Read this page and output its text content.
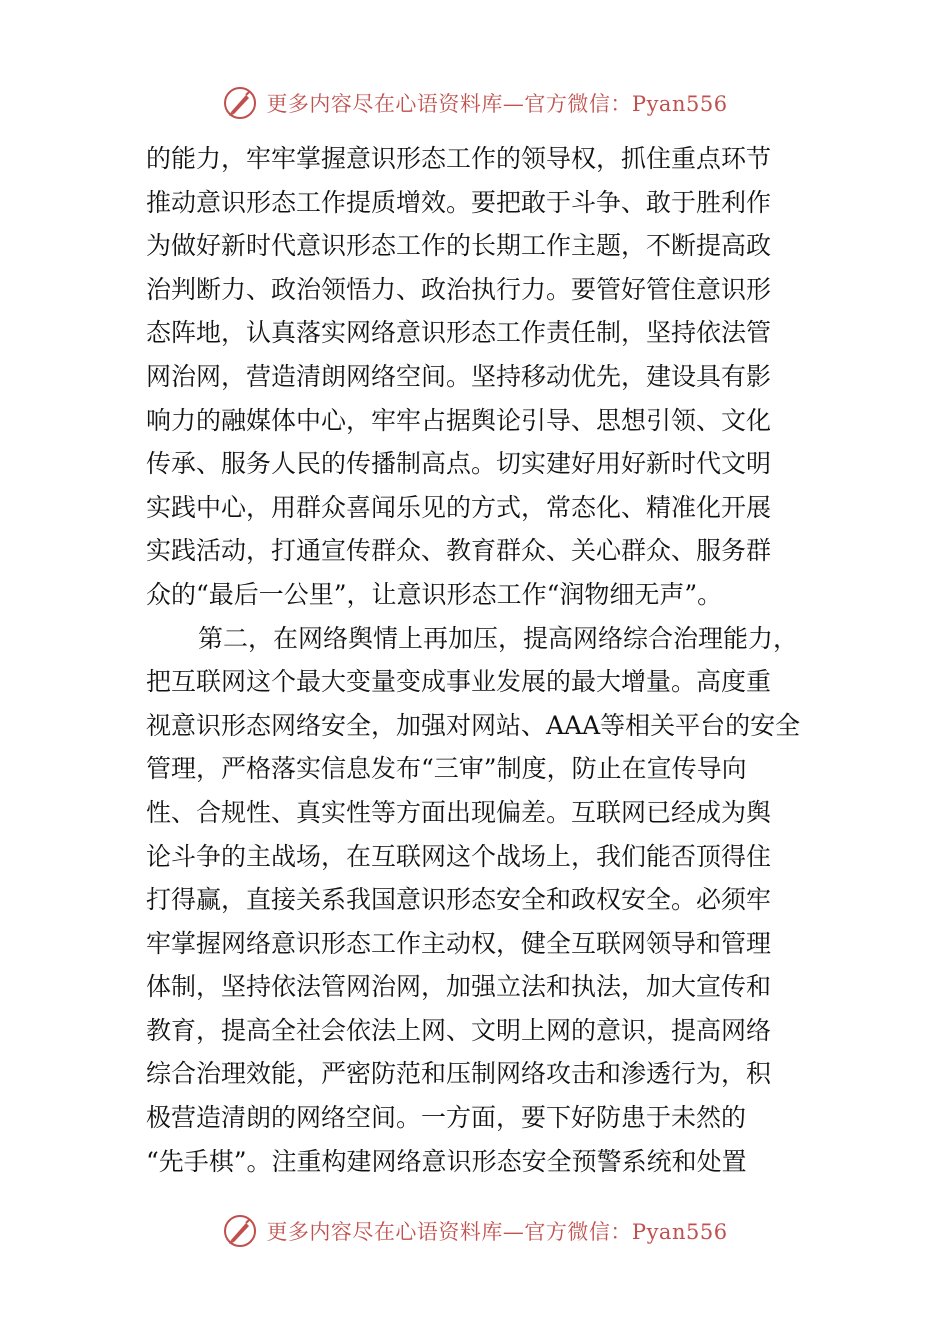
更多内容尽在心语资料库—官方微信：Pyan556
的能力，牢牢掌握意识形态工作的领导权，抓住重点环节
推动意识形态工作提质增效。要把敢于斗争、敢于胜利作
为做好新时代意识形态工作的长期工作主题，不断提高政
治判断力、政治领悟力、政治执行力。要管好管住意识形
态阵地，认真落实网络意识形态工作责任制，坚持依法管
网治网，营造清朗网络空间。坚持移动优先，建设具有影
响力的融媒体中心，牢牢占据舆论引导、思想引领、文化
传承、服务人民的传播制高点。切实建好用好新时代文明
实践中心，用群众喜闻乐见的方式，常态化、精准化开展
实践活动，打通宣传群众、教育群众、关心群众、服务群
众的“最后一公里”，让意识形态工作“润物细无声”。
第二，在网络舆情上再加压，提高网络综合治理能力，
把互联网这个最大变量变成事业发展的最大增量。高度重
视意识形态网络安全，加强对网站、AAA等相关平台的安全
管理，严格落实信息发布“三审”制度，防止在宣传导向
性、合规性、真实性等方面出现偏差。互联网已经成为舆
论斗争的主战场，在互联网这个战场上，我们能否顶得住
打得赢，直接关系我国意识形态安全和政权安全。必须牢
牢掌握网络意识形态工作主动权，健全互联网领导和管理
体制，坚持依法管网治网，加强立法和执法，加大宣传和
教育，提高全社会依法上网、文明上网的意识，提高网络
综合治理效能，严密防范和压制网络攻击和渗透行为，积
极营造清朗的网络空间。一方面，要下好防患于未然的
“先手棋”。注重构建网络意识形态安全预警系统和处置
更多内容尽在心语资料库—官方微信：Pyan556
